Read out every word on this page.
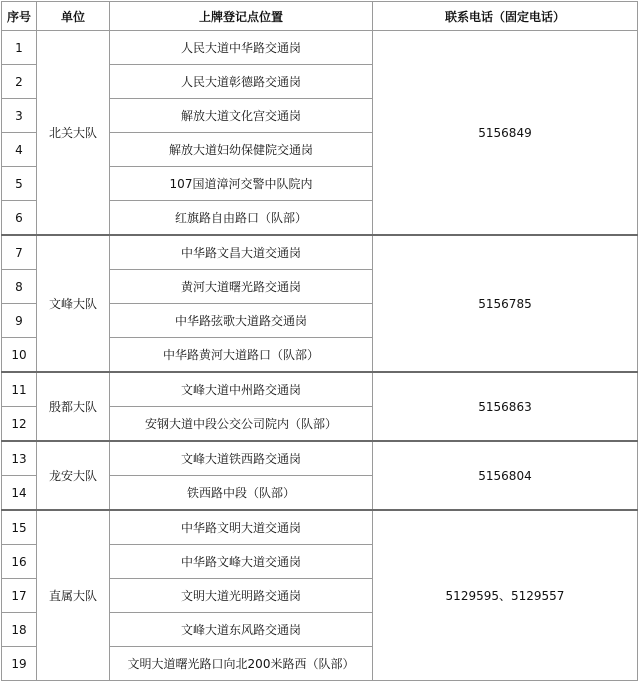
序号	单位	上牌登记点位置	联系电话（固定电话）
1	北关大队	人民大道中华路交通岗	5156849
2		人民大道彰德路交通岗	
3		解放大道文化宫交通岗	
4		解放大道妇幼保健院交通岗	
5		107国道漳河交警中队院内	
6		红旗路自由路口（队部）	
7	文峰大队	中华路文昌大道交通岗	5156785
8		黄河大道曙光路交通岗	
9		中华路弦歌大道路交通岗	
10		中华路黄河大道路口（队部）	
11	殷都大队	文峰大道中州路交通岗	5156863
12		安钢大道中段公交公司院内（队部）	
13	龙安大队	文峰大道铁西路交通岗	5156804
14		铁西路中段（队部）	
15	直属大队	中华路文明大道交通岗	5129595、5129557
16		中华路文峰大道交通岗	
17		文明大道光明路交通岗	
18		文峰大道东风路交通岗	
19		文明大道曙光路口向北200米路西（队部）	
